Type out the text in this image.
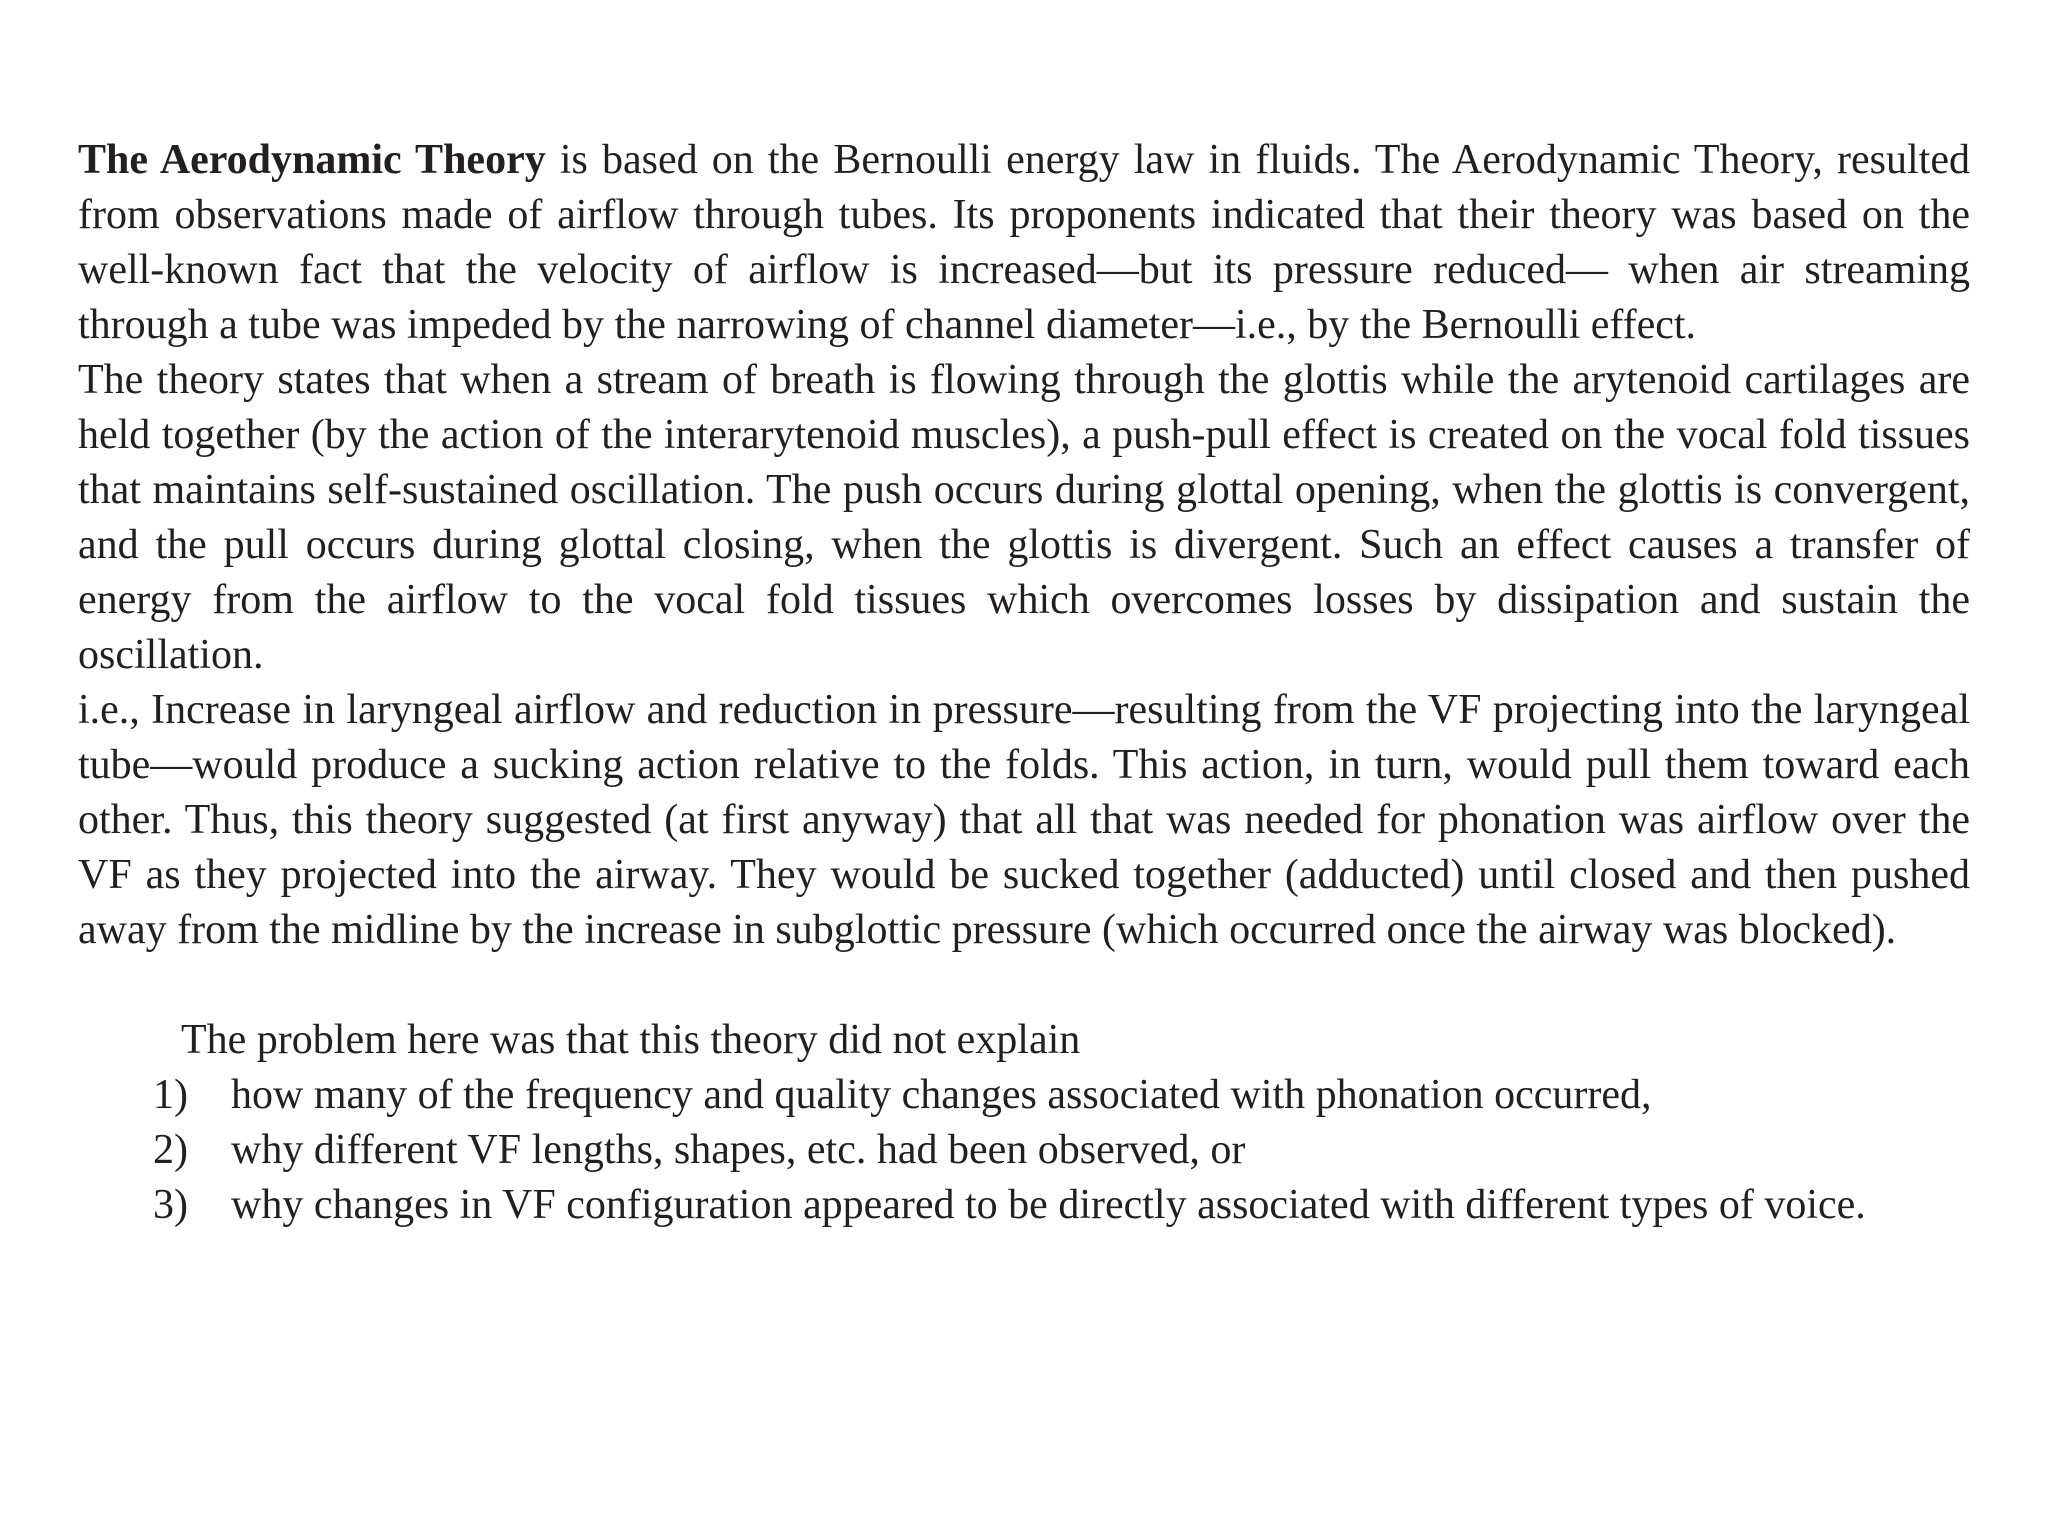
The Aerodynamic Theory is based on the Bernoulli energy law in fluids. The Aerodynamic Theory, resulted from observations made of airflow through tubes. Its proponents indicated that their theory was based on the well-known fact that the velocity of airflow is increased—but its pressure reduced— when air streaming through a tube was impeded by the narrowing of channel diameter—i.e., by the Bernoulli effect.

The theory states that when a stream of breath is flowing through the glottis while the arytenoid cartilages are held together (by the action of the interarytenoid muscles), a push-pull effect is created on the vocal fold tissues that maintains self-sustained oscillation. The push occurs during glottal opening, when the glottis is convergent, and the pull occurs during glottal closing, when the glottis is divergent. Such an effect causes a transfer of energy from the airflow to the vocal fold tissues which overcomes losses by dissipation and sustain the oscillation.

i.e., Increase in laryngeal airflow and reduction in pressure—resulting from the VF projecting into the laryngeal tube—would produce a sucking action relative to the folds. This action, in turn, would pull them toward each other. Thus, this theory suggested (at first anyway) that all that was needed for phonation was airflow over the VF as they projected into the airway. They would be sucked together (adducted) until closed and then pushed away from the midline by the increase in subglottic pressure (which occurred once the airway was blocked).

The problem here was that this theory did not explain

1) how many of the frequency and quality changes associated with phonation occurred,
2) why different VF lengths, shapes, etc. had been observed, or
3) why changes in VF configuration appeared to be directly associated with different types of voice.
